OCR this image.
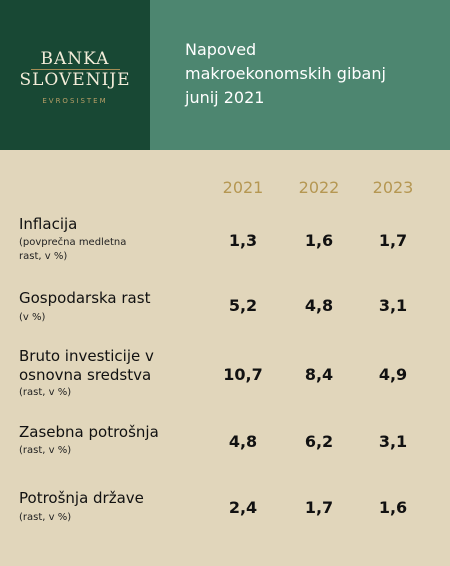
BANKA
SLOVENIJE
EVROSISTEM
Napoved
makroekonomskih gibanj
junij 2021
2021	2022	2023
Inflacija
(povprečna medletna
rast, v %)
1,3	1,6	1,7
Gospodarska rast
(v %)
5,2	4,8	3,1
Bruto investicije v
osnovna sredstva
(rast, v %)
10,7	8,4	4,9
Zasebna potrošnja
(rast, v %)	4,8	6,2	3,1
Potrošnja države
(rast, v %)
2,4	1,7	1,6
